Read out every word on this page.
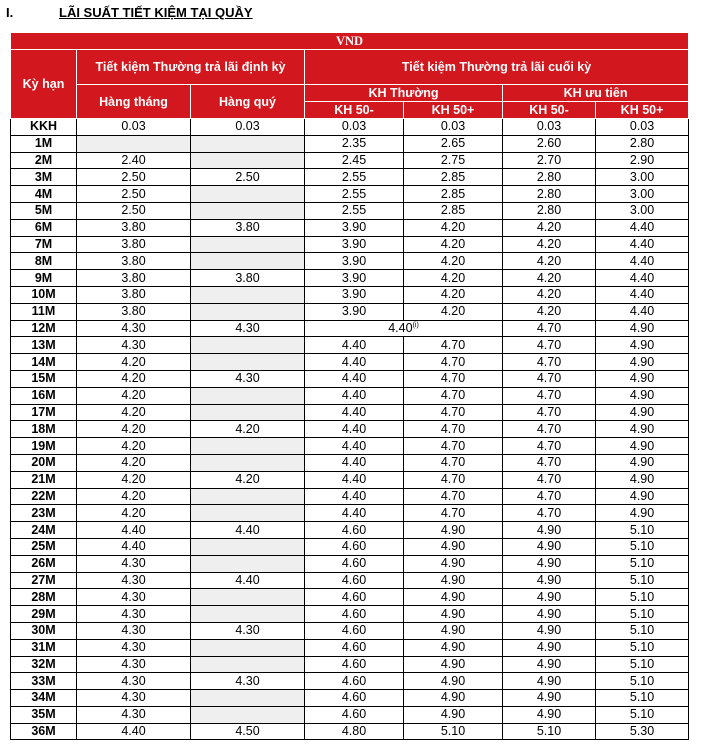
I.	LÃI SUẤT TIẾT KIỆM TẠI QUẦY
VND						
Kỳ hạn	Tiết kiệm Thường trả lãi định kỳ		Tiết kiệm Thường trả lãi cuối kỳ			
	Hàng tháng	Hàng quý	KH Thường		KH ưu tiên	
			KH 50-	KH 50+	KH 50-	KH 50+
KKH	0.03	0.03	0.03	0.03	0.03	0.03
1M			2.35	2.65	2.60	2.80
2M	2.40		2.45	2.75	2.70	2.90
3M	2.50	2.50	2.55	2.85	2.80	3.00
4M	2.50		2.55	2.85	2.80	3.00
5M	2.50		2.55	2.85	2.80	3.00
6M	3.80	3.80	3.90	4.20	4.20	4.40
7M	3.80		3.90	4.20	4.20	4.40
8M	3.80		3.90	4.20	4.20	4.40
9M	3.80	3.80	3.90	4.20	4.20	4.40
10M	3.80		3.90	4.20	4.20	4.40
11M	3.80		3.90	4.20	4.20	4.40
12M	4.30	4.30	4.40$^{(i)}$		4.70	4.90
13M	4.30		4.40	4.70	4.70	4.90
14M	4.20		4.40	4.70	4.70	4.90
15M	4.20	4.30	4.40	4.70	4.70	4.90
16M	4.20		4.40	4.70	4.70	4.90
17M	4.20		4.40	4.70	4.70	4.90
18M	4.20	4.20	4.40	4.70	4.70	4.90
19M	4.20		4.40	4.70	4.70	4.90
20M	4.20		4.40	4.70	4.70	4.90
21M	4.20	4.20	4.40	4.70	4.70	4.90
22M	4.20		4.40	4.70	4.70	4.90
23M	4.20		4.40	4.70	4.70	4.90
24M	4.40	4.40	4.60	4.90	4.90	5.10
25M	4.40		4.60	4.90	4.90	5.10
26M	4.30		4.60	4.90	4.90	5.10
27M	4.30	4.40	4.60	4.90	4.90	5.10
28M	4.30		4.60	4.90	4.90	5.10
29M	4.30		4.60	4.90	4.90	5.10
30M	4.30	4.30	4.60	4.90	4.90	5.10
31M	4.30		4.60	4.90	4.90	5.10
32M	4.30		4.60	4.90	4.90	5.10
33M	4.30	4.30	4.60	4.90	4.90	5.10
34M	4.30		4.60	4.90	4.90	5.10
35M	4.30		4.60	4.90	4.90	5.10
36M	4.40	4.50	4.80	5.10	5.10	5.30
